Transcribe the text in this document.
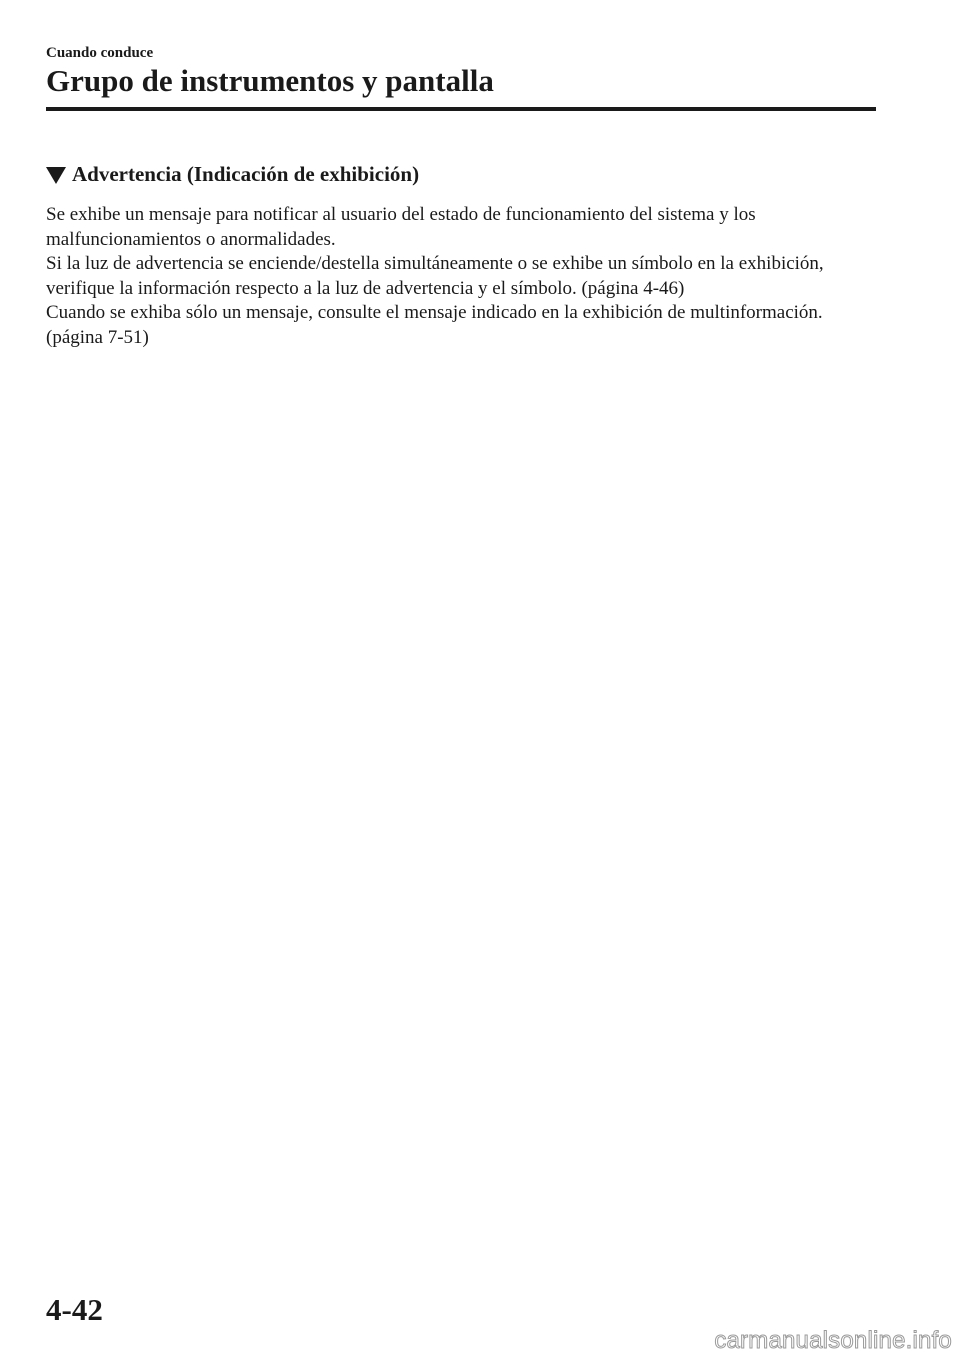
Cuando conduce
Grupo de instrumentos y pantalla
Advertencia (Indicación de exhibición)

Se exhibe un mensaje para notificar al usuario del estado de funcionamiento del sistema y los malfuncionamientos o anormalidades.

Si la luz de advertencia se enciende/destella simultáneamente o se exhibe un símbolo en la exhibición, verifique la información respecto a la luz de advertencia y el símbolo. (página 4-46)

Cuando se exhiba sólo un mensaje, consulte el mensaje indicado en la exhibición de multinformación. (página 7-51)

4-42
carmanualsonline.info
